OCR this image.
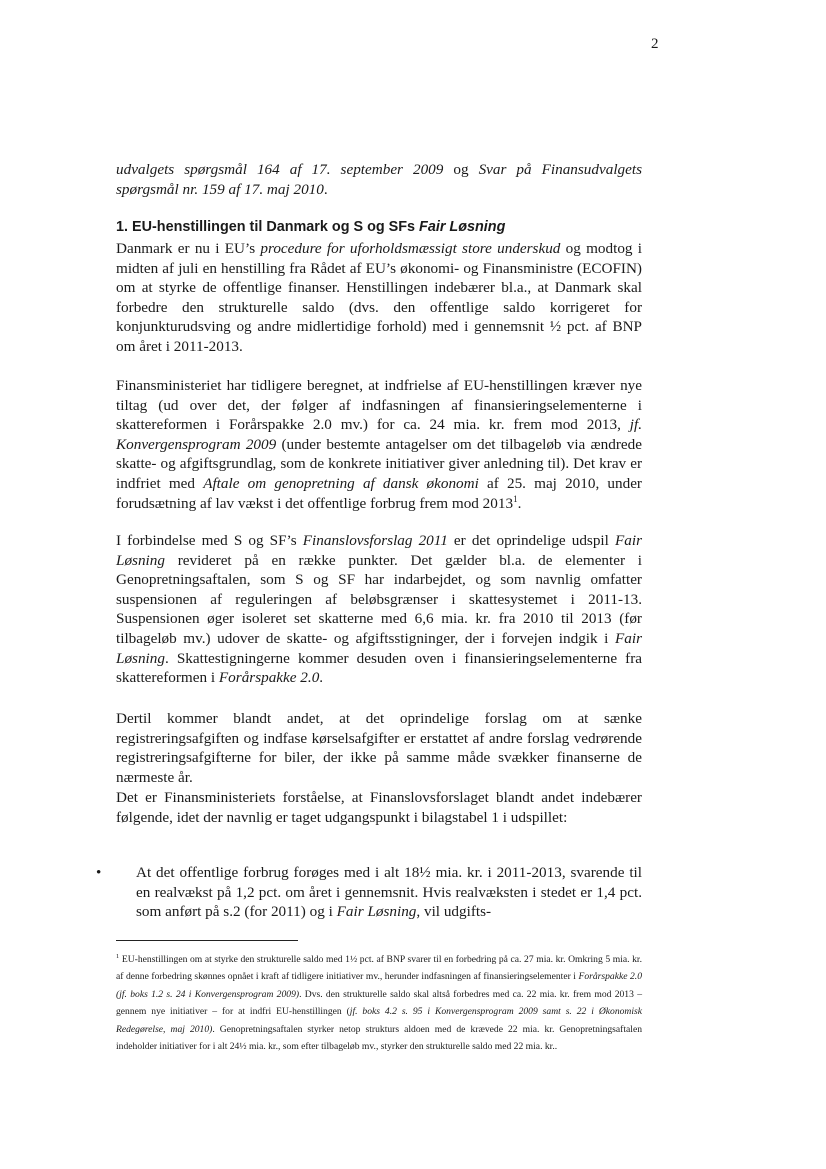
2

udvalgets spørgsmål 164 af 17. september 2009 og Svar på Finansudvalgets spørgsmål nr. 159 af 17. maj 2010.

1. EU-henstillingen til Danmark og S og SFs Fair Løsning

Danmark er nu i EU’s procedure for uforholdsmæssigt store underskud og modtog i midten af juli en henstilling fra Rådet af EU’s økonomi- og Finansministre (ECOFIN) om at styrke de offentlige finanser. Henstillingen indebærer bl.a., at Danmark skal forbedre den strukturelle saldo (dvs. den offentlige saldo korrigeret for konjunkturudsving og andre midlertidige forhold) med i gennemsnit ½ pct. af BNP om året i 2011-2013.

Finansministeriet har tidligere beregnet, at indfrielse af EU-henstillingen kræver nye tiltag (ud over det, der følger af indfasningen af finansieringselementerne i skattereformen i Forårspakke 2.0 mv.) for ca. 24 mia. kr. frem mod 2013, jf. Konvergensprogram 2009 (under bestemte antagelser om det tilbageløb via ændrede skatte- og afgiftsgrundlag, som de konkrete initiativer giver anledning til). Det krav er indfriet med Aftale om genopretning af dansk økonomi af 25. maj 2010, under forudsætning af lav vækst i det offentlige forbrug frem mod 2013$^1$.

I forbindelse med S og SF’s Finanslovsforslag 2011 er det oprindelige udspil Fair Løsning revideret på en række punkter. Det gælder bl.a. de elementer i Genopretningsaftalen, som S og SF har indarbejdet, og som navnlig omfatter suspensionen af reguleringen af beløbsgrænser i skattesystemet i 2011-13. Suspensionen øger isoleret set skatterne med 6,6 mia. kr. fra 2010 til 2013 (før tilbageløb mv.) udover de skatte- og afgiftsstigninger, der i forvejen indgik i Fair Løsning. Skattestigningerne kommer desuden oven i finansieringselementerne fra skattereformen i Forårspakke 2.0.

Dertil kommer blandt andet, at det oprindelige forslag om at sænke registreringsafgiften og indfase kørselsafgifter er erstattet af andre forslag vedrørende registreringsafgifterne for biler, der ikke på samme måde svækker finanserne de nærmeste år.

Det er Finansministeriets forståelse, at Finanslovsforslaget blandt andet indebærer følgende, idet der navnlig er taget udgangspunkt i bilagstabel 1 i udspillet:

• At det offentlige forbrug forøges med i alt 18½ mia. kr. i 2011-2013, svarende til en realvækst på 1,2 pct. om året i gennemsnit. Hvis realvæksten i stedet er 1,4 pct. som anført på s.2 (for 2011) og i Fair Løsning, vil udgifts-

$^1$ EU-henstillingen om at styrke den strukturelle saldo med 1½ pct. af BNP svarer til en forbedring på ca. 27 mia. kr. Omkring 5 mia. kr. af denne forbedring skønnes opnået i kraft af tidligere initiativer mv., herunder indfasningen af finansieringselementer i Forårspakke 2.0 (jf. boks 1.2 s. 24 i Konvergensprogram 2009). Dvs. den strukturelle saldo skal altså forbedres med ca. 22 mia. kr. frem mod 2013 – gennem nye initiativer – for at indfri EU-henstillingen (jf. boks 4.2 s. 95 i Konvergensprogram 2009 samt s. 22 i Økonomisk Redegørelse, maj 2010). Genopretningsaftalen styrker netop strukturs aldoen med de krævede 22 mia. kr. Genopretningsaftalen indeholder initiativer for i alt 24½ mia. kr., som efter tilbageløb mv., styrker den strukturelle saldo med 22 mia. kr..
